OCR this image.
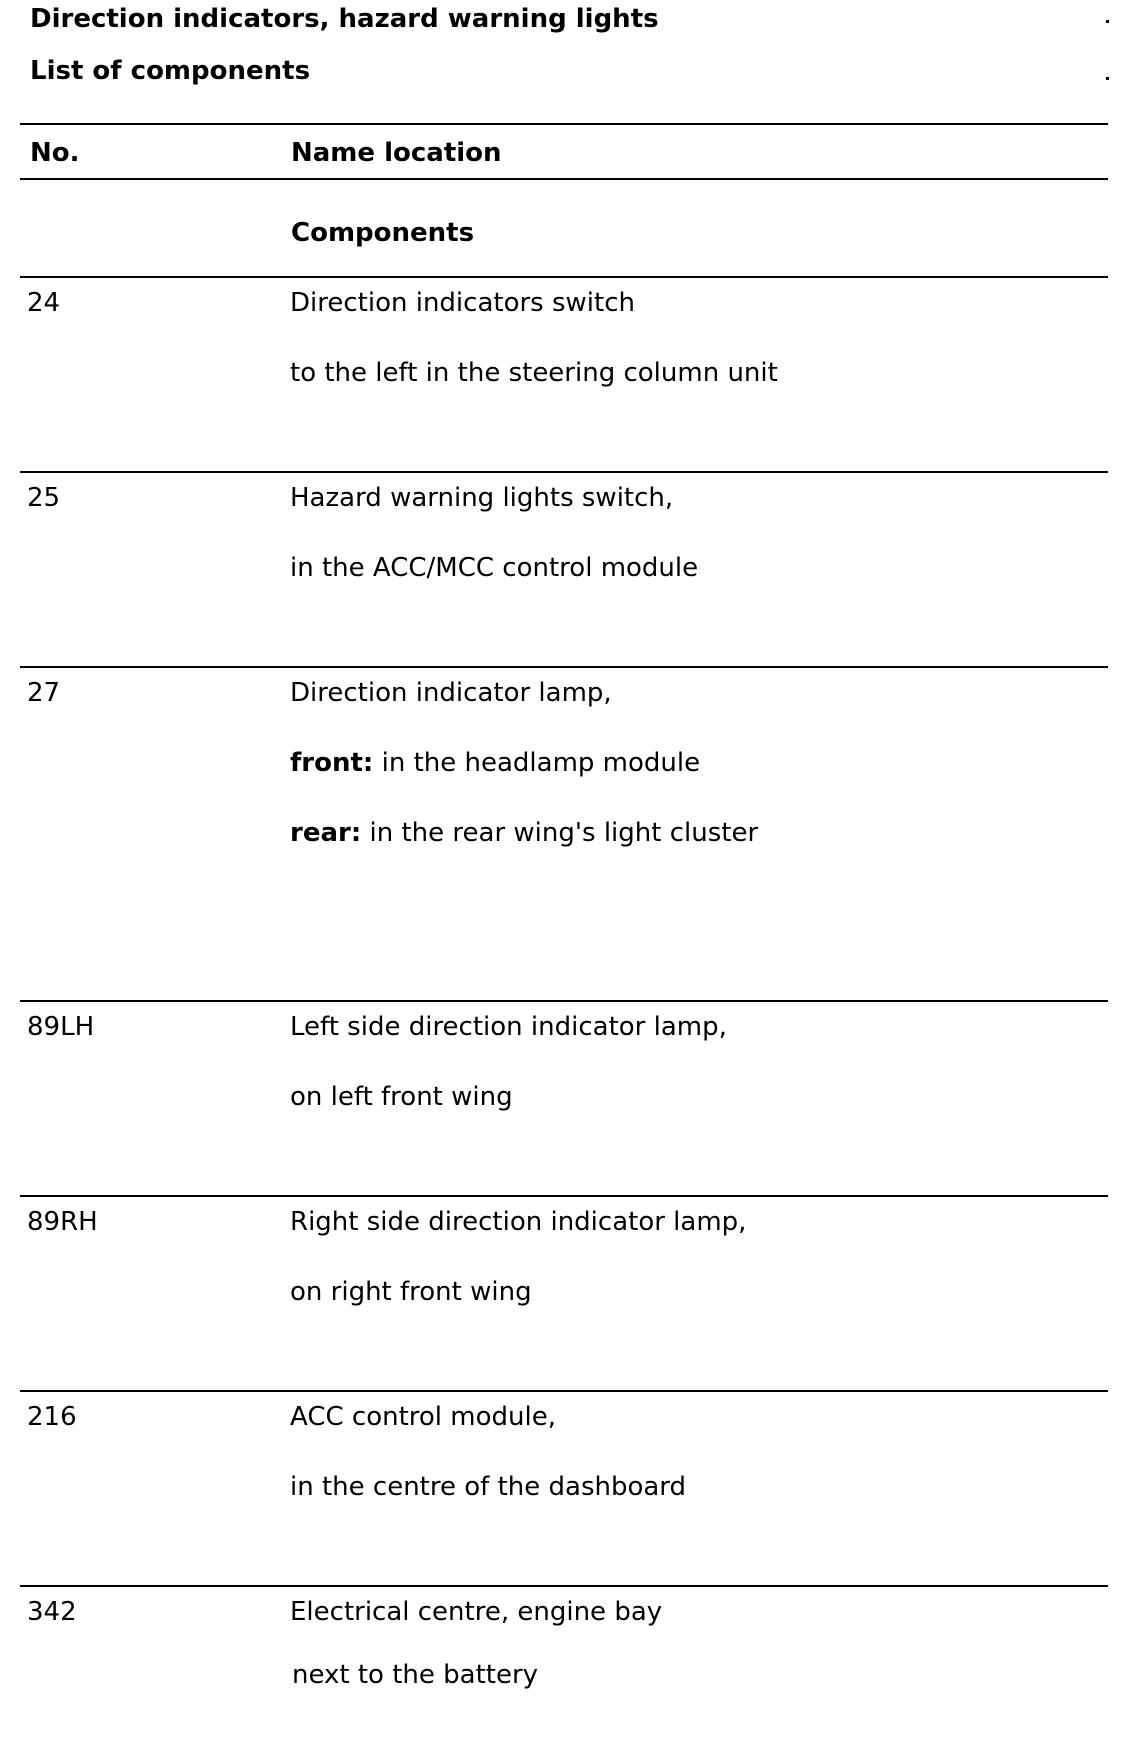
Direction indicators, hazard warning lights
List of components
No.	Name location
Components
24	Direction indicators switch
to the left in the steering column unit
25	Hazard warning lights switch,
in the ACC/MCC control module
27	Direction indicator lamp,
front: in the headlamp module
rear: in the rear wing's light cluster
89LH	Left side direction indicator lamp,
on left front wing
89RH	Right side direction indicator lamp,
on right front wing
216	ACC control module,
in the centre of the dashboard
342	Electrical centre, engine bay
next to the battery
